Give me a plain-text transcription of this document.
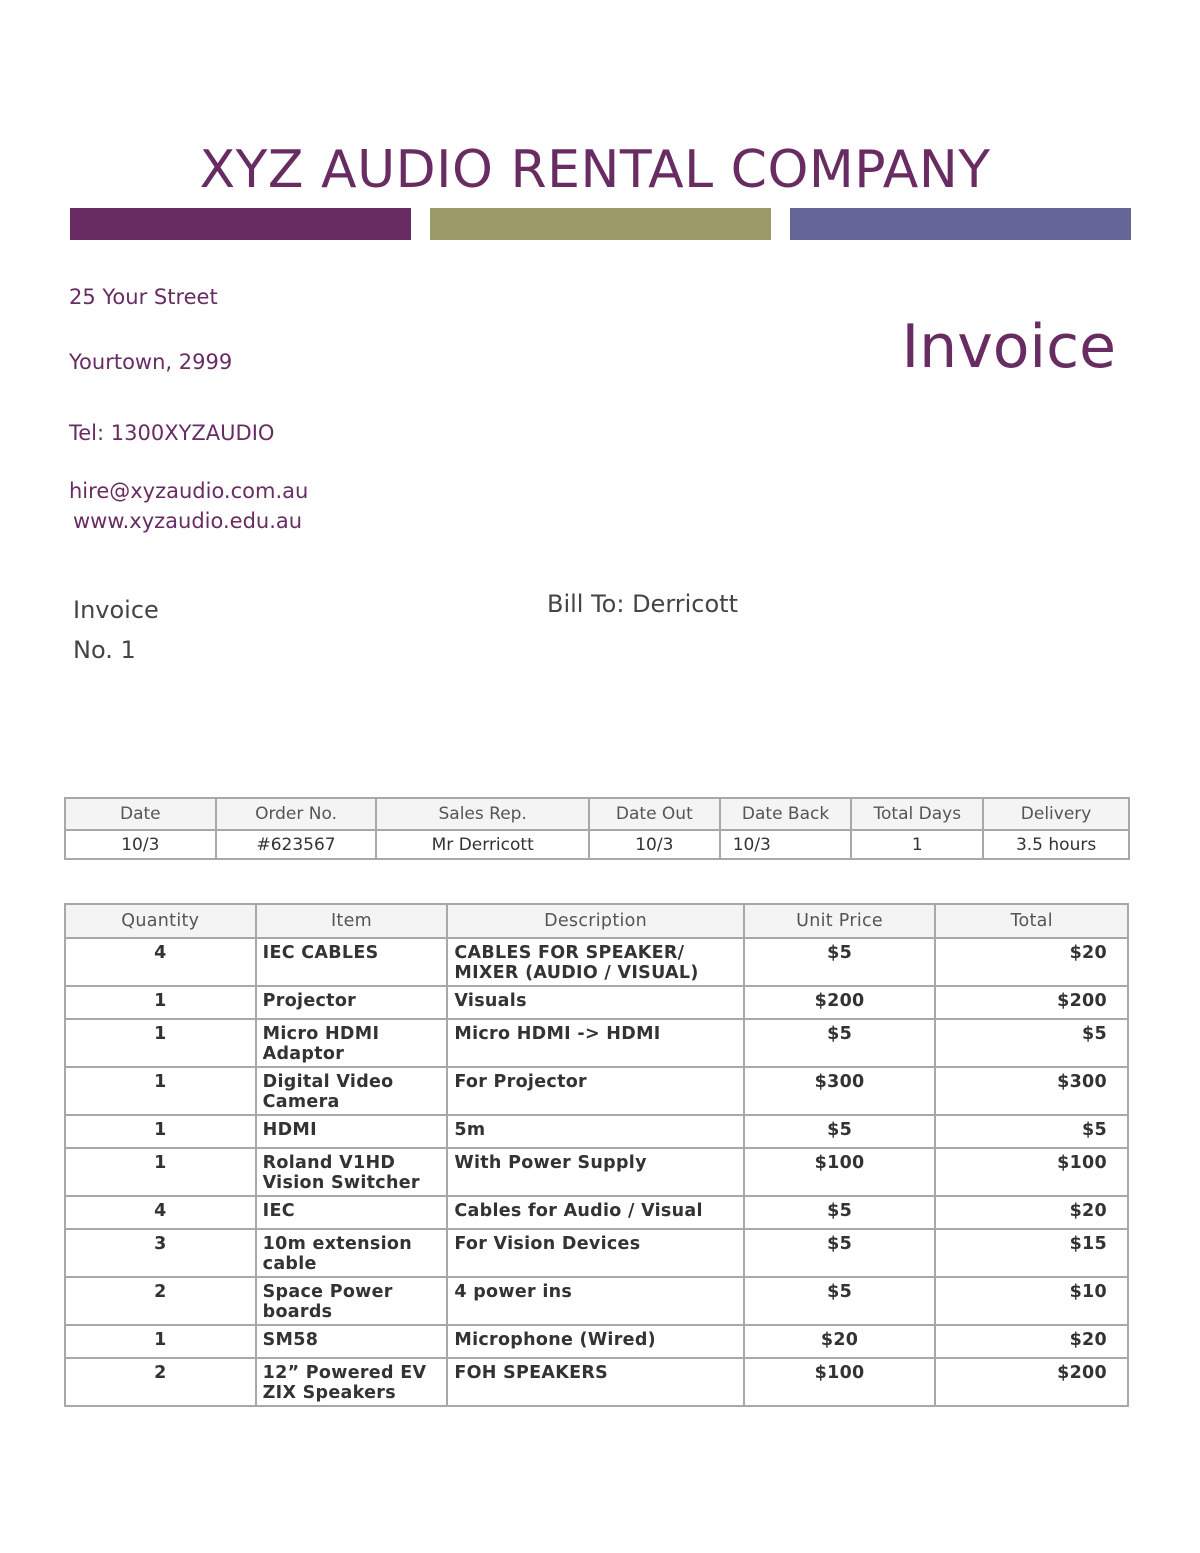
XYZ AUDIO RENTAL COMPANY
25 Your Street
Yourtown, 2999
Tel: 1300XYZAUDIO
hire@xyzaudio.com.au
www.xyzaudio.edu.au
Invoice
Invoice
No. 1
Bill To: Derricott
Date	Order No.	Sales Rep.	Date Out	Date Back	Total Days	Delivery
10/3	#623567	Mr Derricott	10/3	10/3	1	3.5 hours
Quantity	Item	Description	Unit Price	Total
4	IEC CABLES	CABLES FOR SPEAKER/ MIXER (AUDIO / VISUAL)	$5	$20
1	Projector	Visuals	$200	$200
1	Micro HDMI Adaptor	Micro HDMI -> HDMI	$5	$5
1	Digital Video Camera	For Projector	$300	$300
1	HDMI	5m	$5	$5
1	Roland V1HD Vision Switcher	With Power Supply	$100	$100
4	IEC	Cables for Audio / Visual	$5	$20
3	10m extension cable	For Vision Devices	$5	$15
2	Space Power boards	4 power ins	$5	$10
1	SM58	Microphone (Wired)	$20	$20
2	12” Powered EV ZIX Speakers	FOH SPEAKERS	$100	$200
